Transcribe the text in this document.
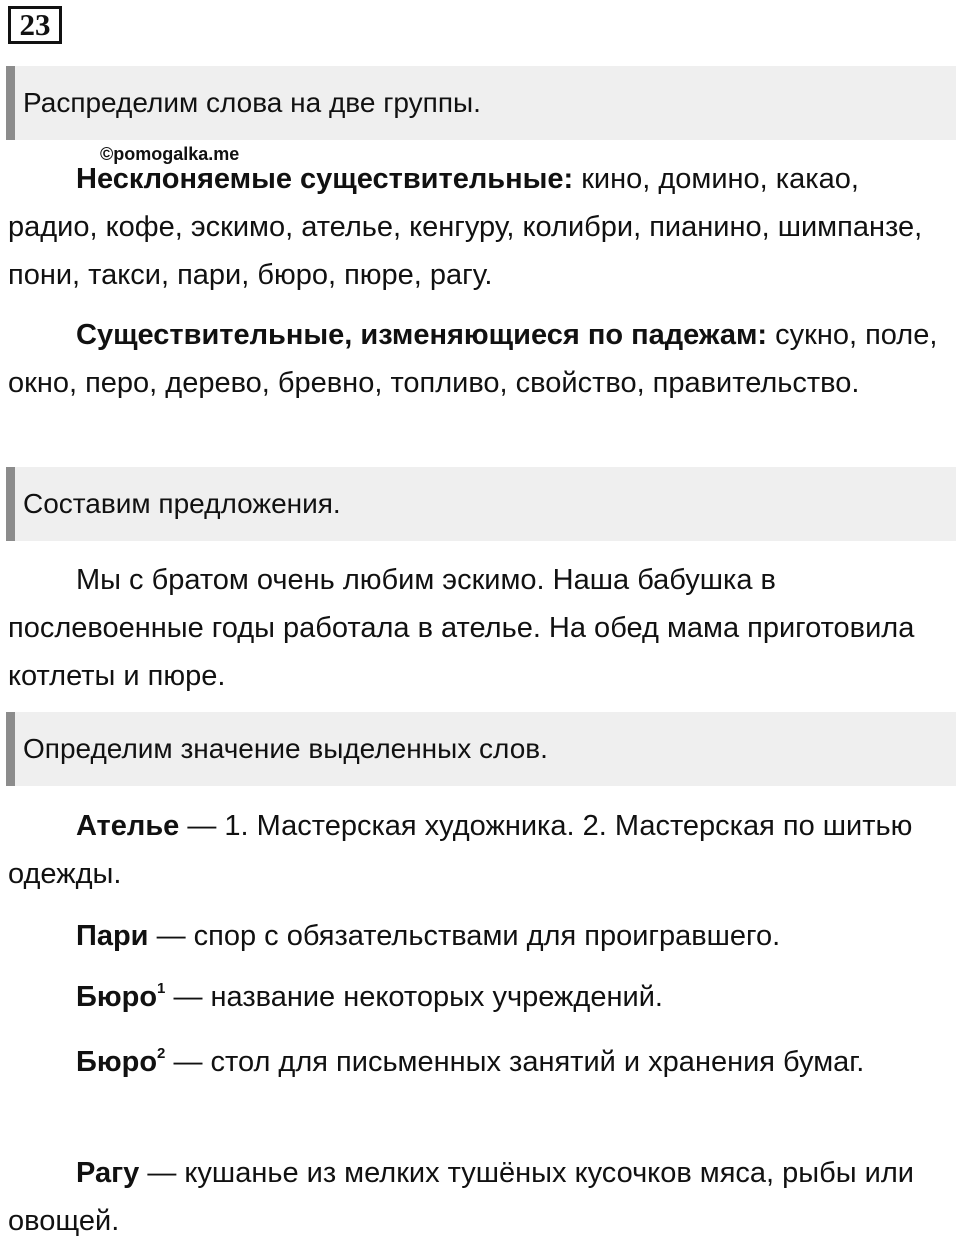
23
Распределим слова на две группы.
©pomogalka.me

Несклоняемые существительные: кино, домино, какао, радио, кофе, эскимо, ателье, кенгуру, колибри, пианино, шимпанзе, пони, такси, пари, бюро, пюре, рагу.

Существительные, изменяющиеся по падежам: сукно, поле, окно, перо, дерево, бревно, топливо, свойство, правительство.

Составим предложения.

Мы с братом очень любим эскимо. Наша бабушка в послевоенные годы работала в ателье. На обед мама приготовила котлеты и пюре.

Определим значение выделенных слов.

Ателье — 1. Мастерская художника. 2. Мастерская по шитью одежды.

Пари — спор с обязательствами для проигравшего.

Бюро$^1$ — название некоторых учреждений.

Бюро$^2$ — стол для письменных занятий и хранения бумаг.

Рагу — кушанье из мелких тушёных кусочков мяса, рыбы или овощей.
